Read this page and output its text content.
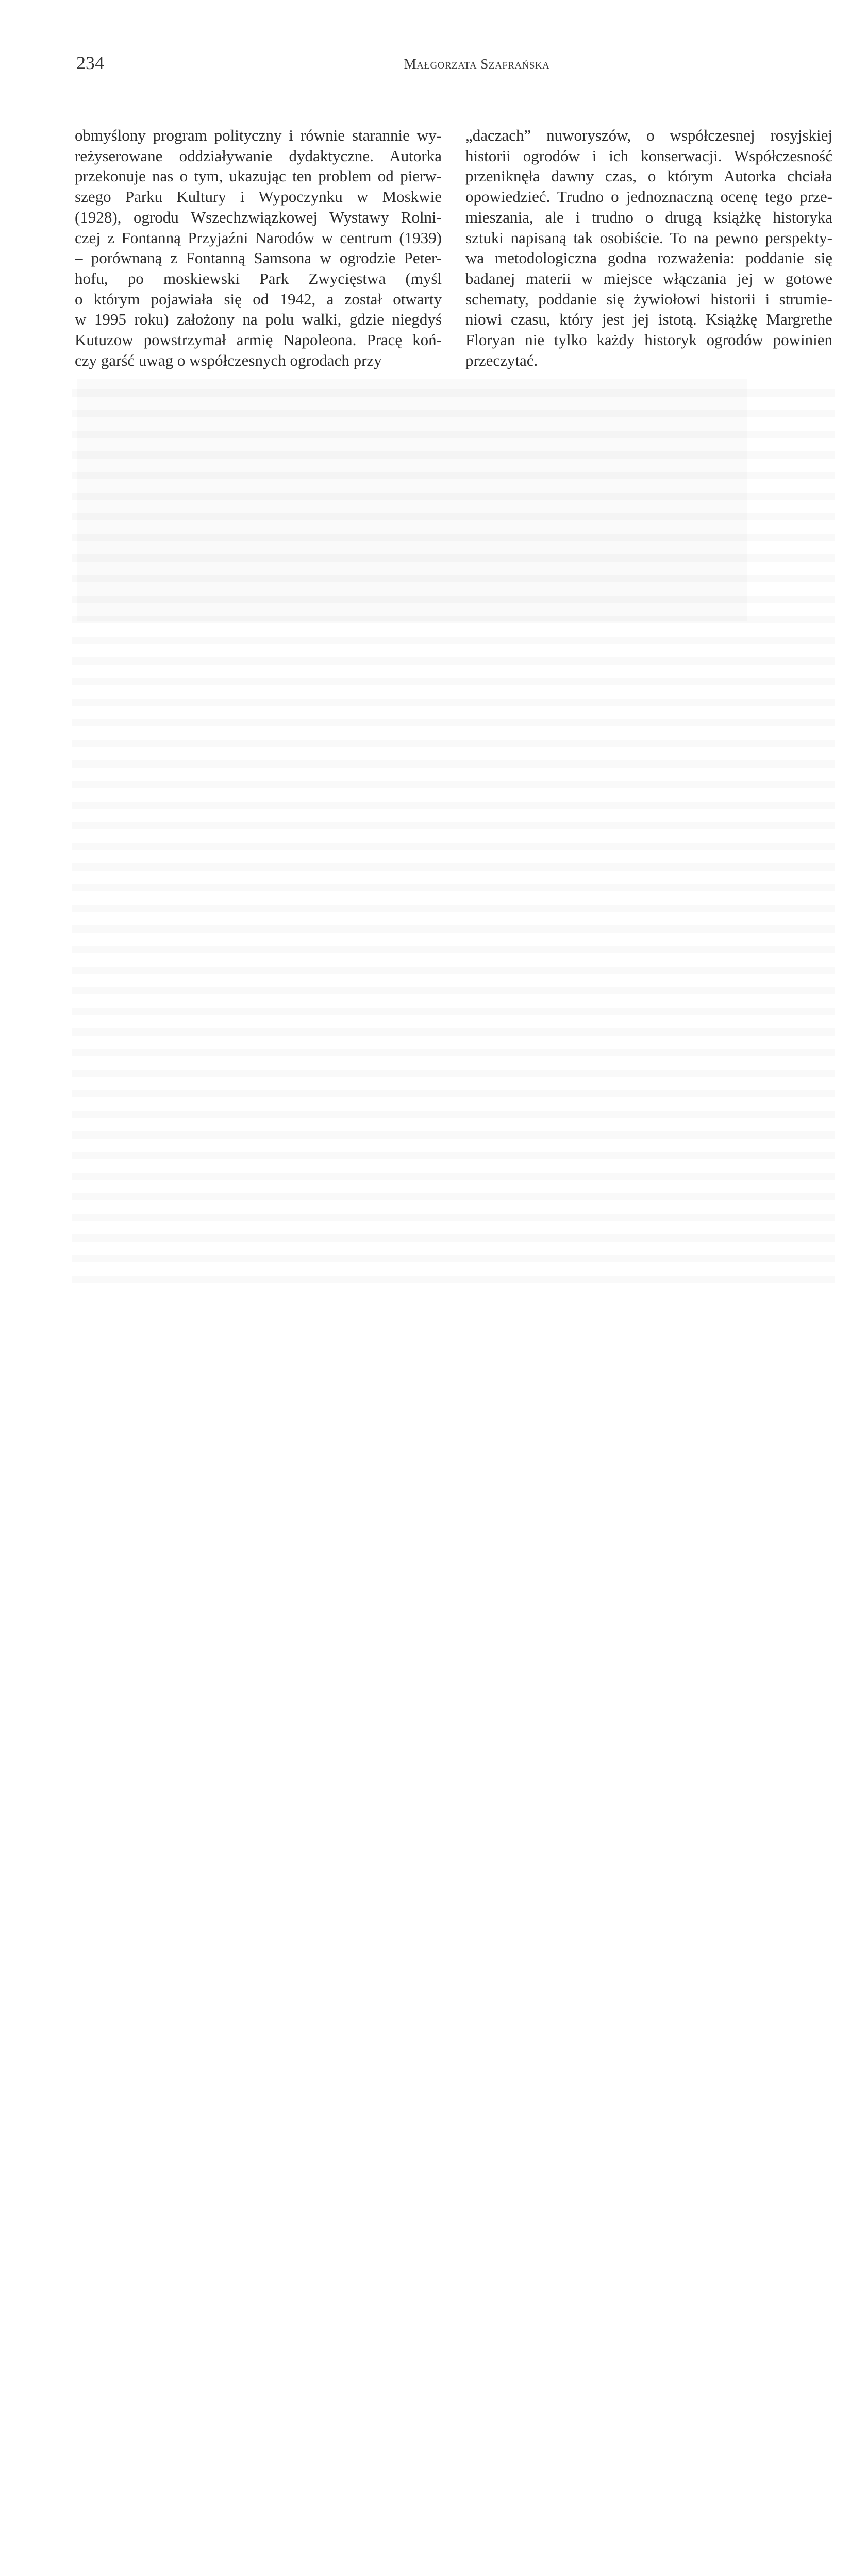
234	Małgorzata Szafrańska
obmyślony program polityczny i równie starannie wy-
reżyserowane oddziaływanie dydaktyczne. Autorka
przekonuje nas o tym, ukazując ten problem od pierw-
szego Parku Kultury i Wypoczynku w Moskwie
(1928), ogrodu Wszechzwiązkowej Wystawy Rolni-
czej z Fontanną Przyjaźni Narodów w centrum (1939)
– porównaną z Fontanną Samsona w ogrodzie Peter-
hofu, po moskiewski Park Zwycięstwa (myśl
o którym pojawiała się od 1942, a został otwarty
w 1995 roku) założony na polu walki, gdzie niegdyś
Kutuzow powstrzymał armię Napoleona. Pracę koń-
czy garść uwag o współczesnych ogrodach przy
„daczach” nuworyszów, o współczesnej rosyjskiej
historii ogrodów i ich konserwacji. Współczesność
przeniknęła dawny czas, o którym Autorka chciała
opowiedzieć. Trudno o jednoznaczną ocenę tego prze-
mieszania, ale i trudno o drugą książkę historyka
sztuki napisaną tak osobiście. To na pewno perspekty-
wa metodologiczna godna rozważenia: poddanie się
badanej materii w miejsce włączania jej w gotowe
schematy, poddanie się żywiołowi historii i strumie-
niowi czasu, który jest jej istotą. Książkę Margrethe
Floryan nie tylko każdy historyk ogrodów powinien
przeczytać.
